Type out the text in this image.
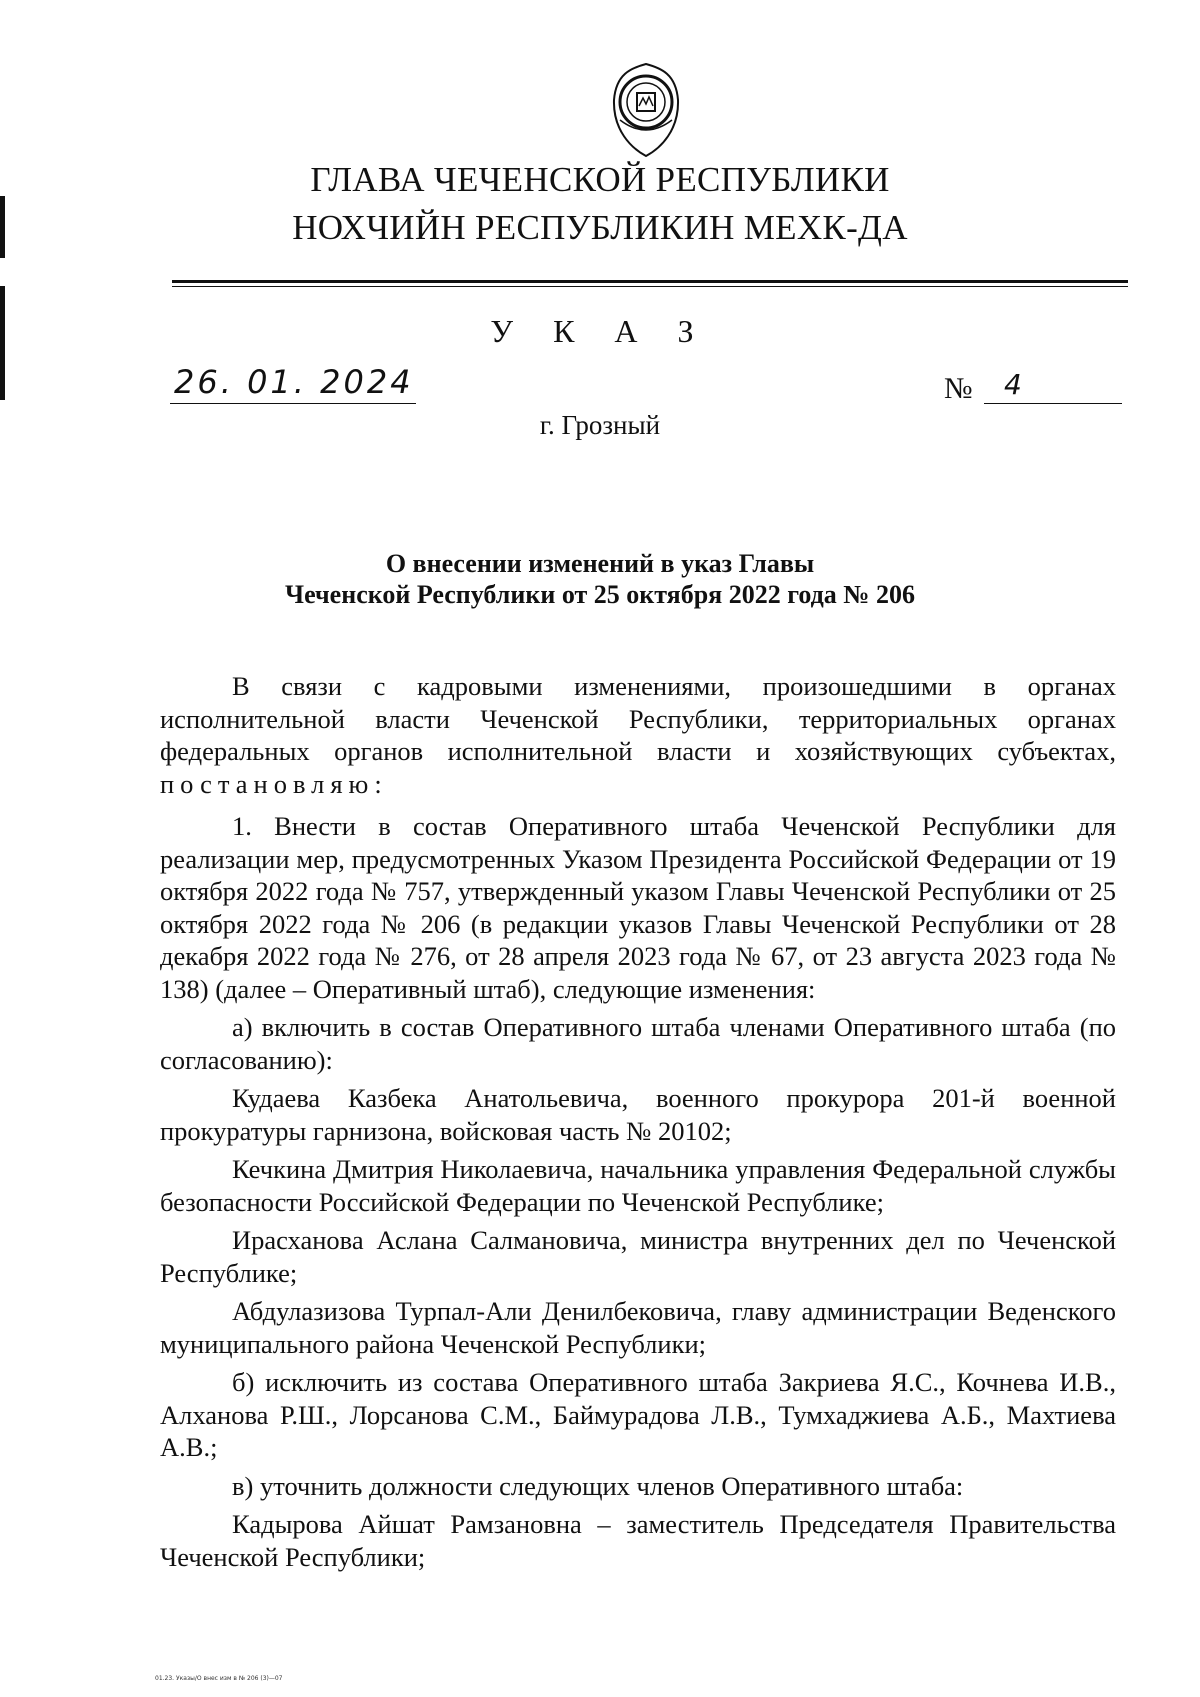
ГЛАВА ЧЕЧЕНСКОЙ РЕСПУБЛИКИ
НОХЧИЙН РЕСПУБЛИКИН МЕХК-ДА
У К А З
26. 01. 2024	№	4
г. Грозный
О внесении изменений в указ Главы
Чеченской Республики от 25 октября 2022 года № 206

В связи с кадровыми изменениями, произошедшими в органах исполнительной власти Чеченской Республики, территориальных органах федеральных органов исполнительной власти и хозяйствующих субъектах, постановляю:

1. Внести в состав Оперативного штаба Чеченской Республики для реализации мер, предусмотренных Указом Президента Российской Федерации от 19 октября 2022 года № 757, утвержденный указом Главы Чеченской Республики от 25 октября 2022 года № 206 (в редакции указов Главы Чеченской Республики от 28 декабря 2022 года № 276, от 28 апреля 2023 года № 67, от 23 августа 2023 года № 138) (далее – Оперативный штаб), следующие изменения:

а) включить в состав Оперативного штаба членами Оперативного штаба (по согласованию):

Кудаева Казбека Анатольевича, военного прокурора 201-й военной прокуратуры гарнизона, войсковая часть № 20102;

Кечкина Дмитрия Николаевича, начальника управления Федеральной службы безопасности Российской Федерации по Чеченской Республике;

Ирасханова Аслана Салмановича, министра внутренних дел по Чеченской Республике;

Абдулазизова Турпал-Али Денилбековича, главу администрации Веденского муниципального района Чеченской Республики;

б) исключить из состава Оперативного штаба Закриева Я.С., Кочнева И.В., Алханова Р.Ш., Лорсанова С.М., Баймурадова Л.В., Тумхаджиева А.Б., Махтиева А.В.;

в) уточнить должности следующих членов Оперативного штаба:

Кадырова Айшат Рамзановна – заместитель Председателя Правительства Чеченской Республики;

01.23. Указы/О внес изм в № 206 (3)—07
